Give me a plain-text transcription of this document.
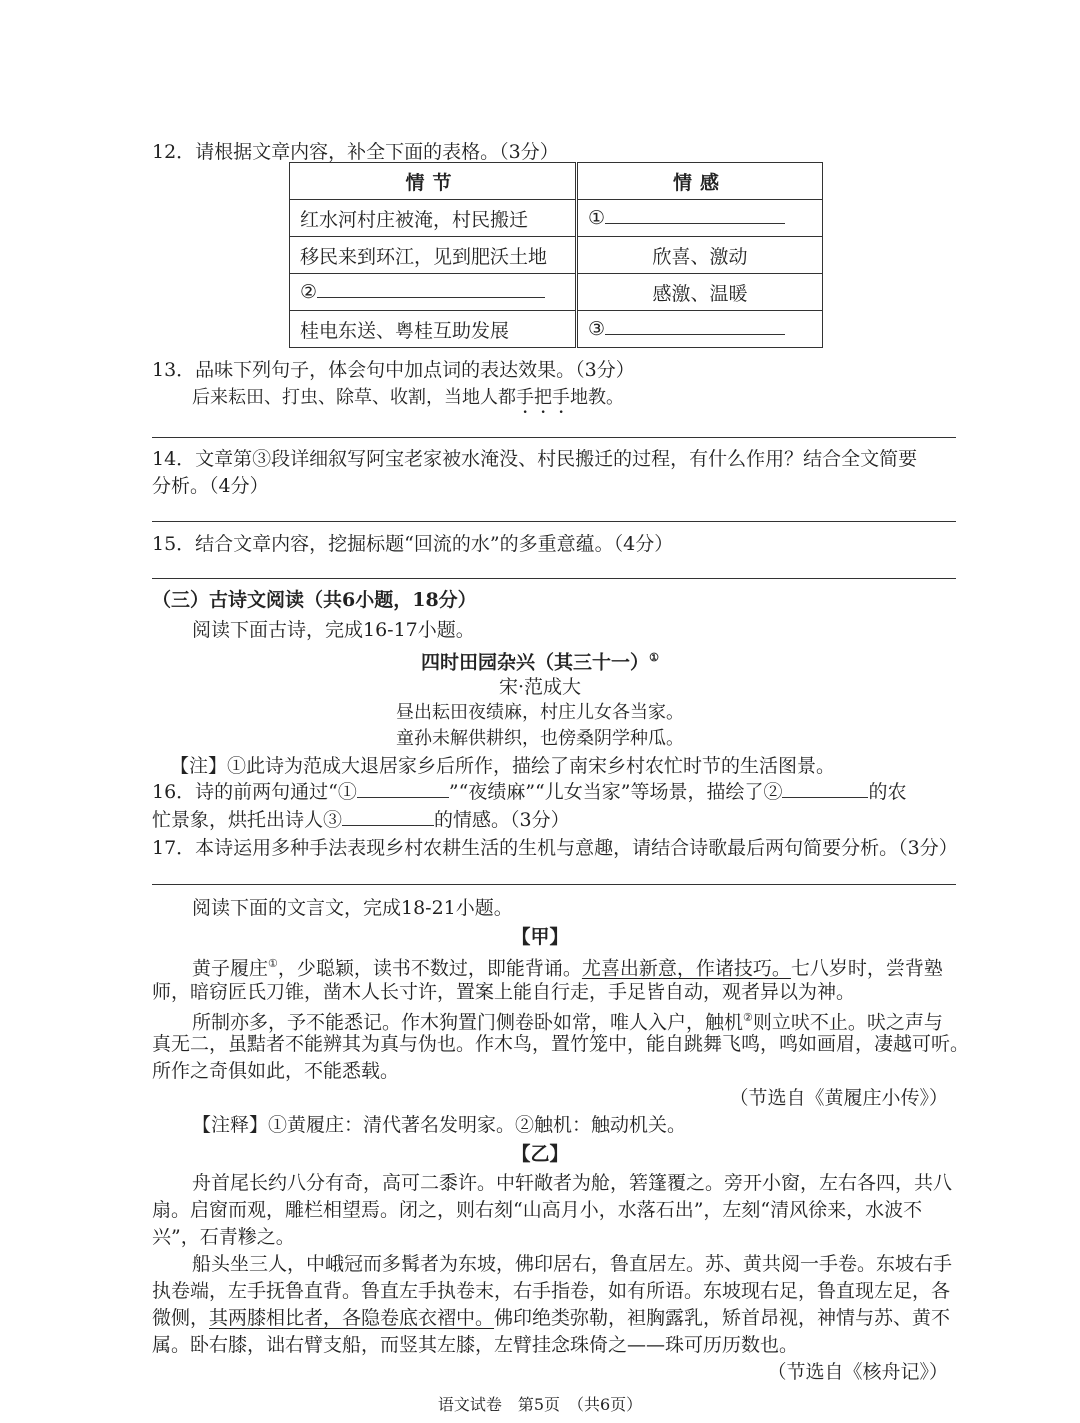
12．请根据文章内容，补全下面的表格。（3分）
情节	情感
红水河村庄被淹，村民搬迁	①
移民来到环江，见到肥沃土地	欣喜、激动
②	感激、温暖
桂电东送、粤桂互助发展	③
13．品味下列句子，体会句中加点词的表达效果。（3分）
后来耘田、打虫、除草、收割，当地人都手把手地教。
14．文章第③段详细叙写阿宝老家被水淹没、村民搬迁的过程，有什么作用？结合全文简要
分析。（4分）
15．结合文章内容，挖掘标题“回流的水”的多重意蕴。（4分）
（三）古诗文阅读（共6小题，18分）
阅读下面古诗，完成16-17小题。
四时田园杂兴（其三十一）①
宋·范成大
昼出耘田夜绩麻，村庄儿女各当家。
童孙未解供耕织，也傍桑阴学种瓜。
【注】①此诗为范成大退居家乡后所作，描绘了南宋乡村农忙时节的生活图景。
16．诗的前两句通过“①	”“夜绩麻”“儿女当家”等场景，描绘了②	的农
忙景象，烘托出诗人③	的情感。（3分）
17．本诗运用多种手法表现乡村农耕生活的生机与意趣，请结合诗歌最后两句简要分析。（3分）
阅读下面的文言文，完成18-21小题。
【甲】
黄子履庄①，少聪颖，读书不数过，即能背诵。尤喜出新意，作诸技巧。七八岁时，尝背塾
师，暗窃匠氏刀锥，凿木人长寸许，置案上能自行走，手足皆自动，观者异以为神。
所制亦多，予不能悉记。作木狗置门侧卷卧如常，唯人入户，触机②则立吠不止。吠之声与
真无二，虽黠者不能辨其为真与伪也。作木鸟，置竹笼中，能自跳舞飞鸣，鸣如画眉，凄越可听。
所作之奇俱如此，不能悉载。
（节选自《黄履庄小传》）
【注释】①黄履庄：清代著名发明家。②触机：触动机关。
【乙】
舟首尾长约八分有奇，高可二黍许。中轩敞者为舱，箬篷覆之。旁开小窗，左右各四，共八
扇。启窗而观，雕栏相望焉。闭之，则右刻“山高月小，水落石出”，左刻“清风徐来，水波不
兴”，石青糁之。
船头坐三人，中峨冠而多髯者为东坡，佛印居右，鲁直居左。苏、黄共阅一手卷。东坡右手
执卷端，左手抚鲁直背。鲁直左手执卷末，右手指卷，如有所语。东坡现右足，鲁直现左足，各
微侧，其两膝相比者，各隐卷底衣褶中。佛印绝类弥勒，袒胸露乳，矫首昂视，神情与苏、黄不
属。卧右膝，诎右臂支船，而竖其左膝，左臂挂念珠倚之——珠可历历数也。
（节选自《核舟记》）
语文试卷　第5页　（共6页）
